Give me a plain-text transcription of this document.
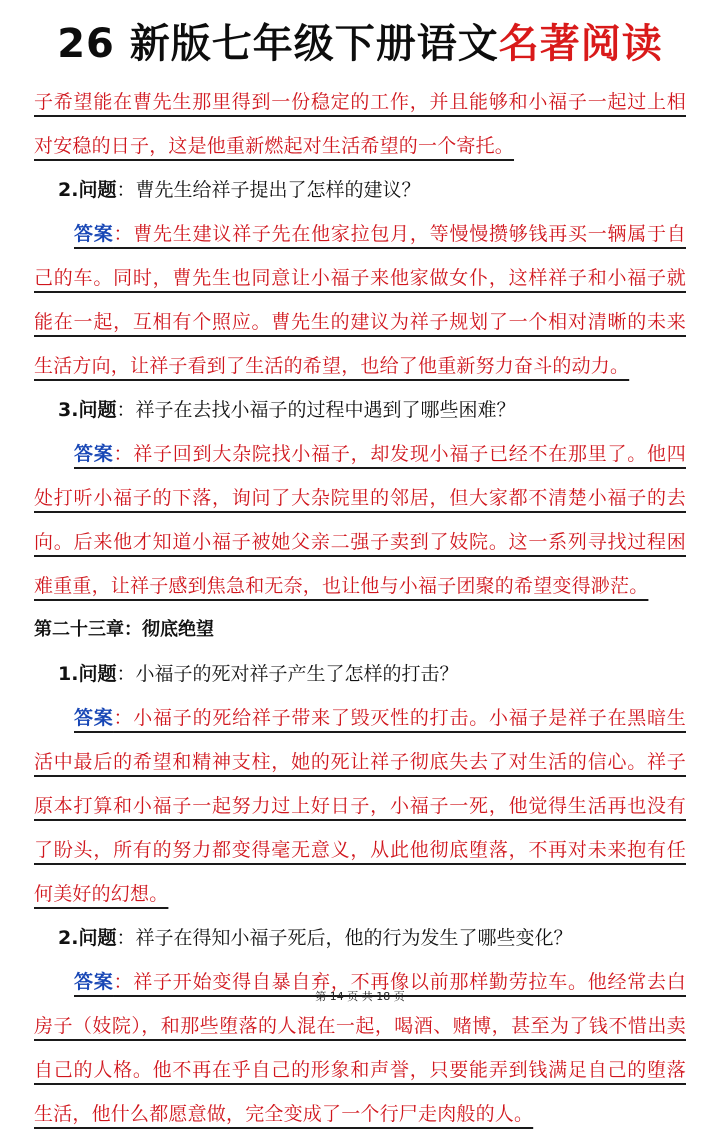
26 新版七年级下册语文 名著阅读
子希望能在曹先生那里得到一份稳定的工作，并且能够和小福子一起过上相对安稳的日子，这是他重新燃起对生活希望的一个寄托。
2.问题：曹先生给祥子提出了怎样的建议？
答案：曹先生建议祥子先在他家拉包月，等慢慢攒够钱再买一辆属于自己的车。同时，曹先生也同意让小福子来他家做女仆，这样祥子和小福子就能在一起，互相有个照应。曹先生的建议为祥子规划了一个相对清晰的未来生活方向，让祥子看到了生活的希望，也给了他重新努力奋斗的动力。
3.问题：祥子在去找小福子的过程中遇到了哪些困难？
答案：祥子回到大杂院找小福子，却发现小福子已经不在那里了。他四处打听小福子的下落，询问了大杂院里的邻居，但大家都不清楚小福子的去向。后来他才知道小福子被她父亲二强子卖到了妓院。这一系列寻找过程困难重重，让祥子感到焦急和无奈，也让他与小福子团聚的希望变得渺茫。
第二十三章：彻底绝望
1.问题：小福子的死对祥子产生了怎样的打击？
答案：小福子的死给祥子带来了毁灭性的打击。小福子是祥子在黑暗生活中最后的希望和精神支柱，她的死让祥子彻底失去了对生活的信心。祥子原本打算和小福子一起努力过上好日子，小福子一死，他觉得生活再也没有了盼头，所有的努力都变得毫无意义，从此他彻底堕落，不再对未来抱有任何美好的幻想。
2.问题：祥子在得知小福子死后，他的行为发生了哪些变化？
答案：祥子开始变得自暴自弃，不再像以前那样勤劳拉车。他经常去白房子（妓院），和那些堕落的人混在一起，喝酒、赌博，甚至为了钱不惜出卖自己的人格。他不再在乎自己的形象和声誉，只要能弄到钱满足自己的堕落生活，他什么都愿意做，完全变成了一个行尸走肉般的人。
第 14 页 共 18 页
